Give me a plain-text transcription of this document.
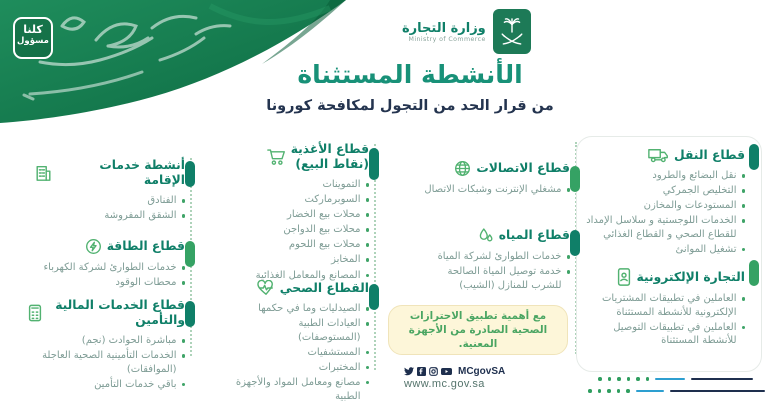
كلنا
مسؤول
وزارة التجارة
Ministry of Commerce
الأنشطة المستثناة
من قرار الحد من التجول لمكافحة كورونا
قطاع النقل
نقل البضائع والطرود
التخليص الجمركي
المستودعات والمخازن
الخدمات اللوجستية و سلاسل الإمداد للقطاع الصحي و القطاع الغذائي
تشغيل الموانئ
التجارة الإلكترونية
العاملين في تطبيقات المشتريات الإلكترونية للأنشطة المستثناة
العاملين في تطبيقات التوصيل للأنشطة المستثناة
قطاع الاتصالات
مشغلي الإنترنت وشبكات الاتصال
قطاع المياه
خدمات الطوارئ لشركة المياة
خدمة توصيل المياة الصالحة للشرب للمنازل (الشيب)
مع أهمية تطبيق الاحترازات الصحية الصادرة من الأجهزة المعنية.
قطاع الأغذية
(نقاط البيع)
التموينات
السوبرماركت
محلات بيع الخضار
محلات بيع الدواجن
محلات بيع اللحوم
المخابز
المصانع والمعامل الغذائية
القطاع الصحي
الصيدليات وما في حكمها
العيادات الطبية (المستوصفات)
المستشفيات
المختبرات
مصانع ومعامل المواد والأجهزة الطبية
أنشطة خدمات الإقامة
الفنادق
الشقق المفروشة
قطاع الطاقة
خدمات الطوارئ لشركة الكهرباء
محطات الوقود
قطاع الخدمات المالية والتأمين
مباشرة الحوادث (نجم)
الخدمات التأمينية الصحية العاجلة (الموافقات)
باقي خدمات التأمين
MCgovSA
www.mc.gov.sa
